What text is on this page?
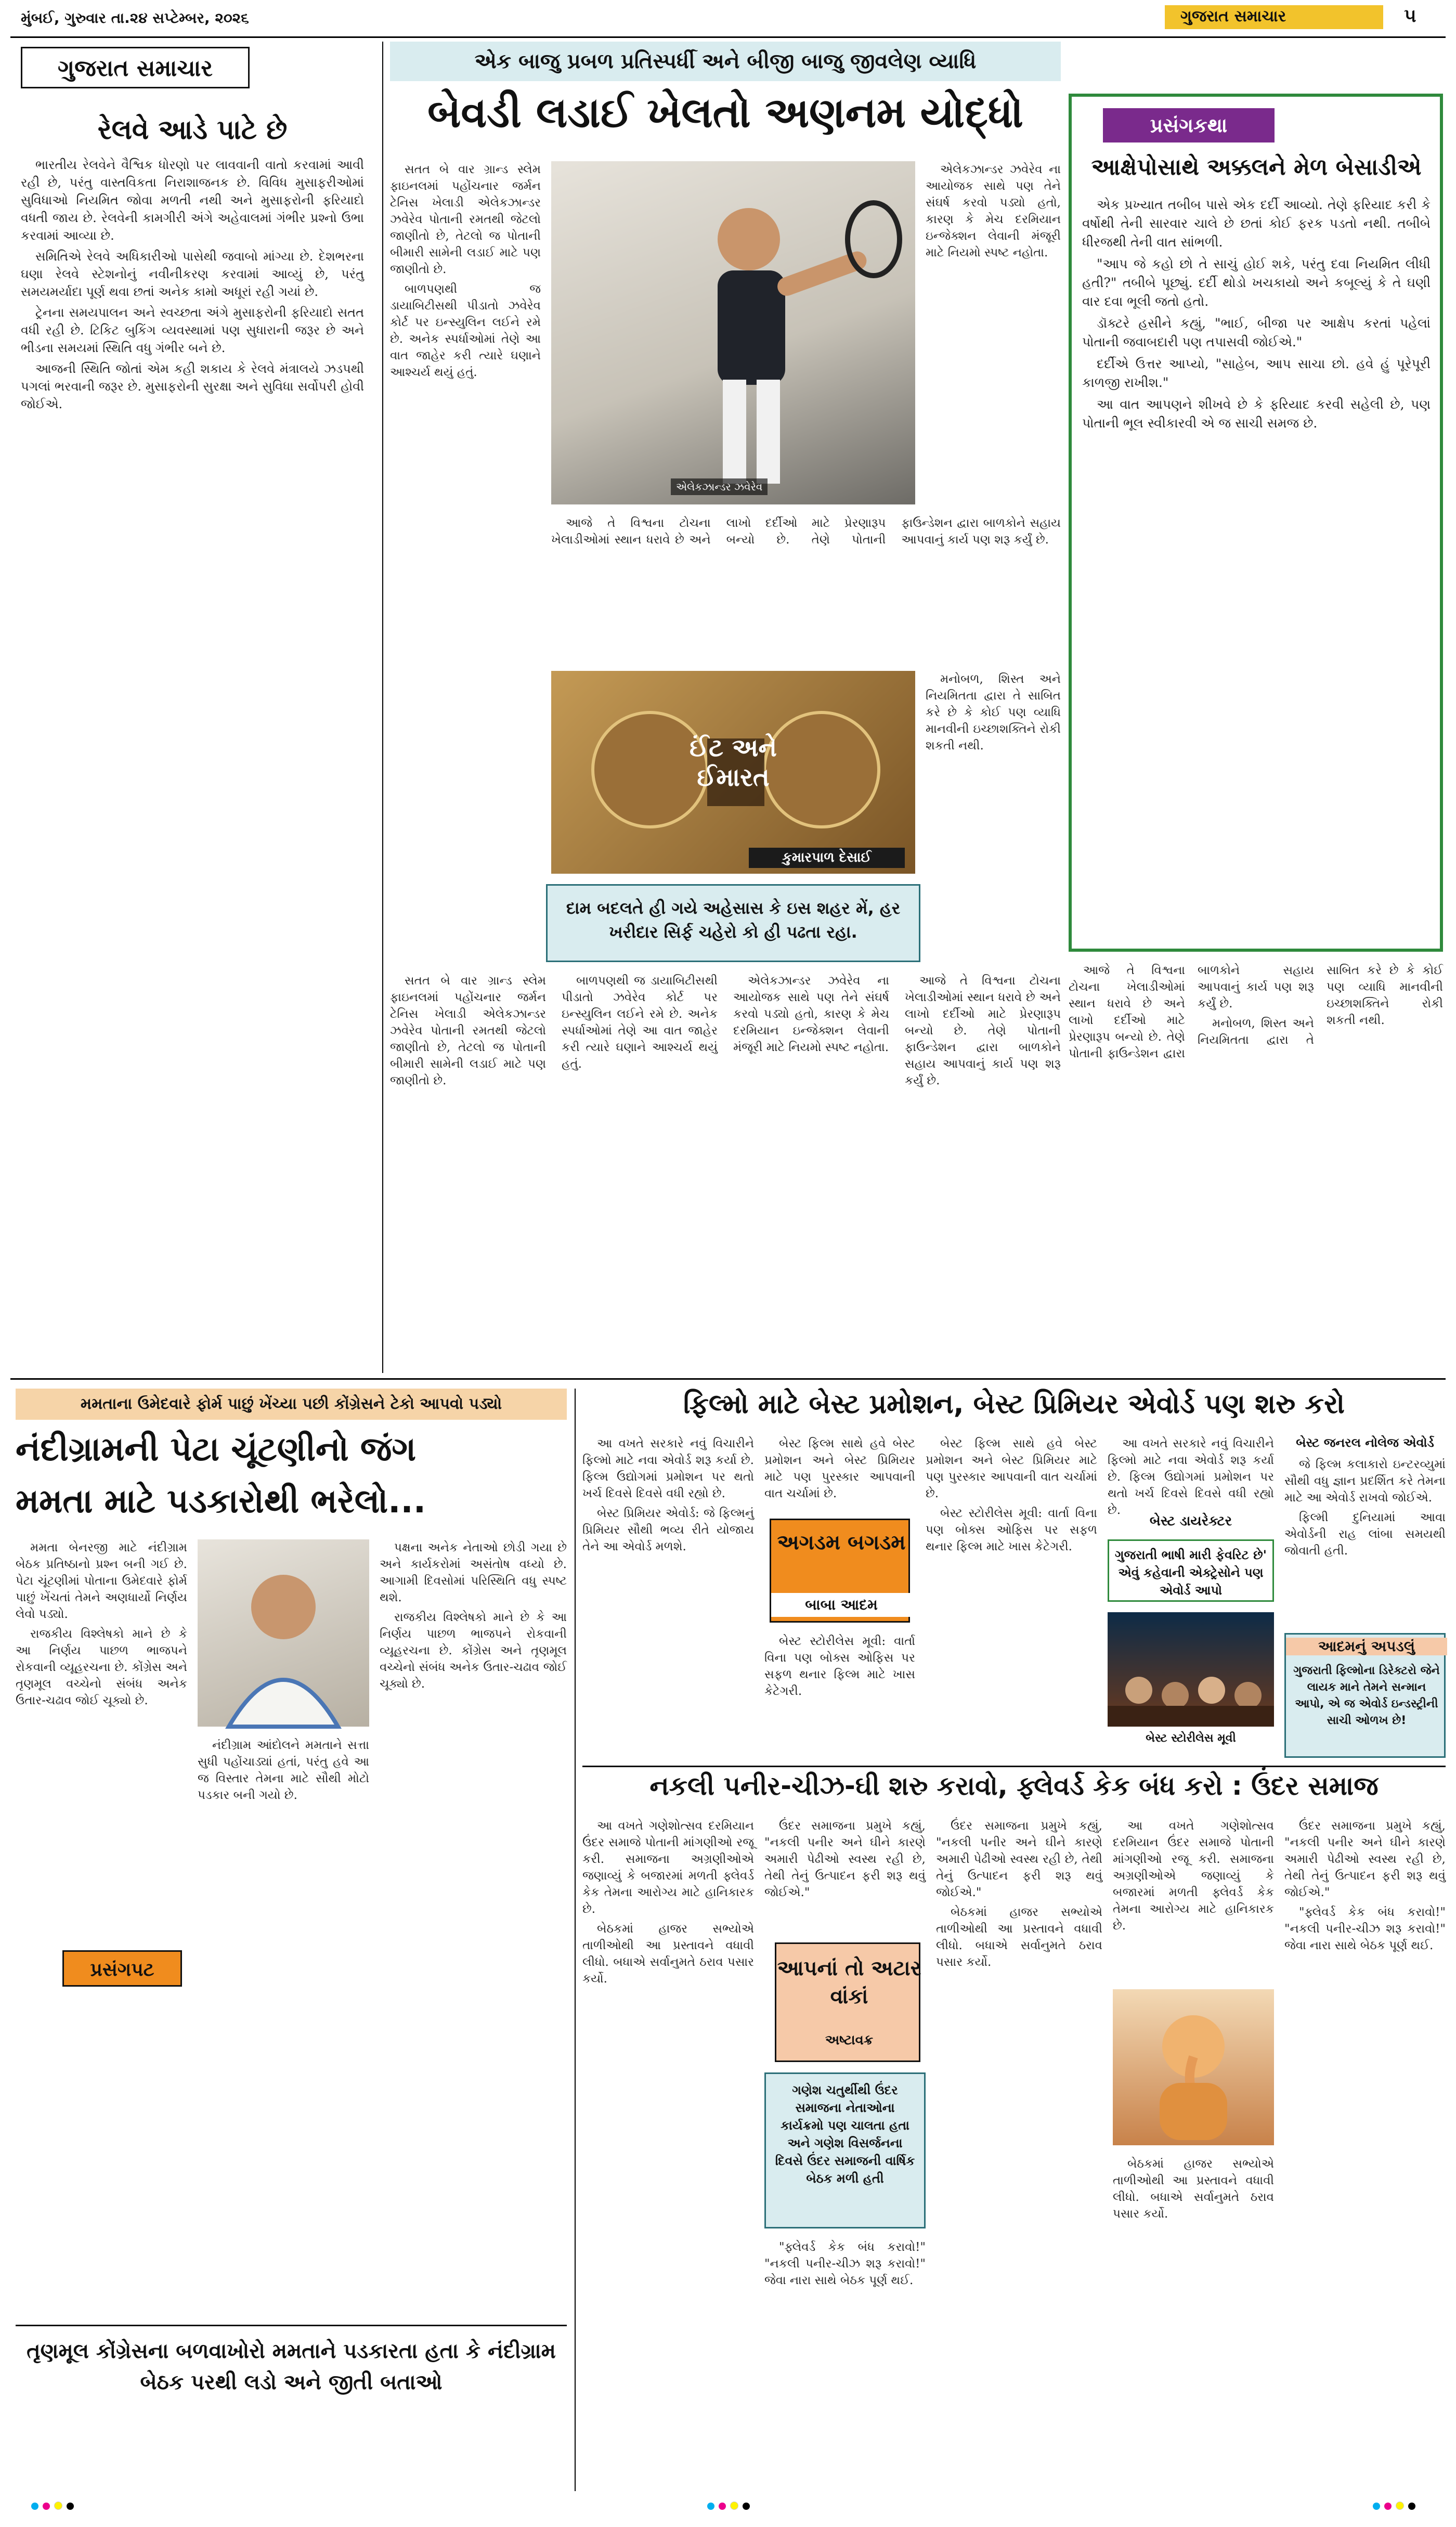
મુંબઈ, ગુરુવાર તા.૨૪ સપ્ટેમ્બર, ૨૦૨૬	ગુજરાત સમાચાર	૫
ગુજરાત સમાચાર
રેલવે આડે પાટે છે

ભારતીય રેલવેને વૈશ્વિક ધોરણો પર લાવવાની વાતો કરવામાં આવી રહી છે, પરંતુ વાસ્તવિકતા નિરાશાજનક છે. વિવિધ મુસાફરીઓમાં સુવિધાઓ નિયમિત જોવા મળતી નથી અને મુસાફરોની ફરિયાદો વધતી જાય છે. રેલવેની કામગીરી અંગે અહેવાલમાં ગંભીર પ્રશ્નો ઉભા કરવામાં આવ્યા છે.

સમિતિએ રેલવે અધિકારીઓ પાસેથી જવાબો માંગ્યા છે. દેશભરના ઘણા રેલવે સ્ટેશનોનું નવીનીકરણ કરવામાં આવ્યું છે, પરંતુ સમયમર્યાદા પૂર્ણ થવા છતાં અનેક કામો અધૂરાં રહી ગયાં છે.

ટ્રેનના સમયપાલન અને સ્વચ્છતા અંગે મુસાફરોની ફરિયાદો સતત વધી રહી છે. ટિકિટ બુકિંગ વ્યવસ્થામાં પણ સુધારાની જરૂર છે અને ભીડના સમયમાં સ્થિતિ વધુ ગંભીર બને છે.

આજની સ્થિતિ જોતાં એમ કહી શકાય કે રેલવે મંત્રાલયે ઝડપથી પગલાં ભરવાની જરૂર છે. મુસાફરોની સુરક્ષા અને સુવિધા સર્વોપરી હોવી જોઈએ.

એક બાજુ પ્રબળ પ્રતિસ્પર્ધી અને બીજી બાજુ જીવલેણ વ્યાધિ
બેવડી લડાઈ ખેલતો અણનમ યોદ્ધો

સતત બે વાર ગ્રાન્ડ સ્લેમ ફાઇનલમાં પહોંચનાર જર્મન ટેનિસ ખેલાડી એલેકઝાન્ડર ઝવેરેવ પોતાની રમતથી જેટલો જાણીતો છે, તેટલો જ પોતાની બીમારી સામેની લડાઈ માટે પણ જાણીતો છે.

બાળપણથી જ ડાયાબિટીસથી પીડાતો ઝવેરેવ કોર્ટ પર ઇન્સ્યુલિન લઈને રમે છે. અનેક સ્પર્ધાઓમાં તેણે આ વાત જાહેર કરી ત્યારે ઘણાને આશ્ચર્ય થયું હતું.

એલેકઝાન્ડર ઝવેરેવ

એલેકઝાન્ડર ઝવેરેવ ના આયોજક સાથે પણ તેને સંઘર્ષ કરવો પડ્યો હતો, કારણ કે મેચ દરમિયાન ઇન્જેક્શન લેવાની મંજૂરી માટે નિયમો સ્પષ્ટ નહોતા.

આજે તે વિશ્વના ટોચના ખેલાડીઓમાં સ્થાન ધરાવે છે અને લાખો દર્દીઓ માટે પ્રેરણારૂપ બન્યો છે. તેણે પોતાની ફાઉન્ડેશન દ્વારા બાળકોને સહાય આપવાનું કાર્ય પણ શરૂ કર્યું છે.

ઈંટ અને ઈમારત
કુમારપાળ દેસાઈ

મનોબળ, શિસ્ત અને નિયમિતતા દ્વારા તે સાબિત કરે છે કે કોઈ પણ વ્યાધિ માનવીની ઇચ્છાશક્તિને રોકી શકતી નથી.

દામ બદલતે હી ગયે અહેસાસ કે ઇસ શહર મેં, હર ખરીદાર સિર્ફ ચહેરો કો હી પઢતા રહા.

સતત બે વાર ગ્રાન્ડ સ્લેમ ફાઇનલમાં પહોંચનાર જર્મન ટેનિસ ખેલાડી એલેકઝાન્ડર ઝવેરેવ પોતાની રમતથી જેટલો જાણીતો છે, તેટલો જ પોતાની બીમારી સામેની લડાઈ માટે પણ જાણીતો છે.

બાળપણથી જ ડાયાબિટીસથી પીડાતો ઝવેરેવ કોર્ટ પર ઇન્સ્યુલિન લઈને રમે છે. અનેક સ્પર્ધાઓમાં તેણે આ વાત જાહેર કરી ત્યારે ઘણાને આશ્ચર્ય થયું હતું.

એલેકઝાન્ડર ઝવેરેવ ના આયોજક સાથે પણ તેને સંઘર્ષ કરવો પડ્યો હતો, કારણ કે મેચ દરમિયાન ઇન્જેક્શન લેવાની મંજૂરી માટે નિયમો સ્પષ્ટ નહોતા.

આજે તે વિશ્વના ટોચના ખેલાડીઓમાં સ્થાન ધરાવે છે અને લાખો દર્દીઓ માટે પ્રેરણારૂપ બન્યો છે. તેણે પોતાની ફાઉન્ડેશન દ્વારા બાળકોને સહાય આપવાનું કાર્ય પણ શરૂ કર્યું છે.

પ્રસંગકથા
આક્ષેપોસાથે અક્કલને મેળ બેસાડીએ

એક પ્રખ્યાત તબીબ પાસે એક દર્દી આવ્યો. તેણે ફરિયાદ કરી કે વર્ષોથી તેની સારવાર ચાલે છે છતાં કોઈ ફરક પડતો નથી. તબીબે ધીરજથી તેની વાત સાંભળી.

"આપ જે કહો છો તે સાચું હોઈ શકે, પરંતુ દવા નિયમિત લીધી હતી?" તબીબે પૂછ્યું. દર્દી થોડો ખચકાયો અને કબૂલ્યું કે તે ઘણી વાર દવા ભૂલી જતો હતો.

ડૉક્ટરે હસીને કહ્યું, "ભાઈ, બીજા પર આક્ષેપ કરતાં પહેલાં પોતાની જવાબદારી પણ તપાસવી જોઈએ."

દર્દીએ ઉત્તર આપ્યો, "સાહેબ, આપ સાચા છો. હવે હું પૂરેપૂરી કાળજી રાખીશ."

આ વાત આપણને શીખવે છે કે ફરિયાદ કરવી સહેલી છે, પણ પોતાની ભૂલ સ્વીકારવી એ જ સાચી સમજ છે.

આજે તે વિશ્વના ટોચના ખેલાડીઓમાં સ્થાન ધરાવે છે અને લાખો દર્દીઓ માટે પ્રેરણારૂપ બન્યો છે. તેણે પોતાની ફાઉન્ડેશન દ્વારા બાળકોને સહાય આપવાનું કાર્ય પણ શરૂ કર્યું છે.

મનોબળ, શિસ્ત અને નિયમિતતા દ્વારા તે સાબિત કરે છે કે કોઈ પણ વ્યાધિ માનવીની ઇચ્છાશક્તિને રોકી શકતી નથી.

મમતાના ઉમેદવારે ફોર્મ પાછું ખેંચ્યા પછી કોંગ્રેસને ટેકો આપવો પડ્યો
નંદીગ્રામની પેટા ચૂંટણીનો જંગ
મમતા માટે પડકારોથી ભરેલો...

મમતા બેનરજી માટે નંદીગ્રામ બેઠક પ્રતિષ્ઠાનો પ્રશ્ન બની ગઈ છે. પેટા ચૂંટણીમાં પોતાના ઉમેદવારે ફોર્મ પાછું ખેંચતાં તેમને અણધાર્યો નિર્ણય લેવો પડ્યો.

રાજકીય વિશ્લેષકો માને છે કે આ નિર્ણય પાછળ ભાજપને રોકવાની વ્યૂહરચના છે. કોંગ્રેસ અને તૃણમૂલ વચ્ચેનો સંબંધ અનેક ઉતાર-ચઢાવ જોઈ ચૂક્યો છે.

નંદીગ્રામ આંદોલને મમતાને સત્તા સુધી પહોંચાડ્યાં હતાં, પરંતુ હવે આ જ વિસ્તાર તેમના માટે સૌથી મોટો પડકાર બની ગયો છે.

પક્ષના અનેક નેતાઓ છોડી ગયા છે અને કાર્યકરોમાં અસંતોષ વધ્યો છે. આગામી દિવસોમાં પરિસ્થિતિ વધુ સ્પષ્ટ થશે.

રાજકીય વિશ્લેષકો માને છે કે આ નિર્ણય પાછળ ભાજપને રોકવાની વ્યૂહરચના છે. કોંગ્રેસ અને તૃણમૂલ વચ્ચેનો સંબંધ અનેક ઉતાર-ચઢાવ જોઈ ચૂક્યો છે.

પ્રસંગપટ
તૃણમૂલ કોંગ્રેસના બળવાખોરો મમતાને પડકારતા હતા કે નંદીગ્રામ બેઠક પરથી લડો અને જીતી બતાઓ
ફિલ્મો માટે બેસ્ટ પ્રમોશન, બેસ્ટ પ્રિમિયર એવોર્ડ પણ શરુ કરો

આ વખતે સરકારે નવું વિચારીને ફિલ્મો માટે નવા એવોર્ડ શરૂ કર્યા છે. ફિલ્મ ઉદ્યોગમાં પ્રમોશન પર થતો ખર્ચ દિવસે દિવસે વધી રહ્યો છે.

બેસ્ટ પ્રિમિયર એવોર્ડ: જે ફિલ્મનું પ્રિમિયર સૌથી ભવ્ય રીતે યોજાય તેને આ એવોર્ડ મળશે.

બેસ્ટ ફિલ્મ સાથે હવે બેસ્ટ પ્રમોશન અને બેસ્ટ પ્રિમિયર માટે પણ પુરસ્કાર આપવાની વાત ચર્ચામાં છે.

અગડમ બગડમ
બાબા આદમ

બેસ્ટ સ્ટોરીલેસ મૂવી: વાર્તા વિના પણ બોક્સ ઓફિસ પર સફળ થનાર ફિલ્મ માટે ખાસ કેટેગરી.

બેસ્ટ ફિલ્મ સાથે હવે બેસ્ટ પ્રમોશન અને બેસ્ટ પ્રિમિયર માટે પણ પુરસ્કાર આપવાની વાત ચર્ચામાં છે.

બેસ્ટ સ્ટોરીલેસ મૂવી: વાર્તા વિના પણ બોક્સ ઓફિસ પર સફળ થનાર ફિલ્મ માટે ખાસ કેટેગરી.

આ વખતે સરકારે નવું વિચારીને ફિલ્મો માટે નવા એવોર્ડ શરૂ કર્યા છે. ફિલ્મ ઉદ્યોગમાં પ્રમોશન પર થતો ખર્ચ દિવસે દિવસે વધી રહ્યો છે.

બેસ્ટ ડાયરેક્ટર
ગુજરાતી ભાષી મારી ફેવરિટ છે' એવું કહેવાની એક્ટ્રેસોને પણ એવોર્ડ આપો
બેસ્ટ સ્ટોરીલેસ મૂવી
બેસ્ટ જનરલ નોલેજ એવોર્ડ

જે ફિલ્મ કલાકારો ઇન્ટરવ્યુમાં સૌથી વધુ જ્ઞાન પ્રદર્શિત કરે તેમના માટે આ એવોર્ડ રાખવો જોઈએ.

ફિલ્મી દુનિયામાં આવા એવોર્ડની રાહ લાંબા સમયથી જોવાતી હતી.

આદમનું અપડલું
ગુજરાતી ફિલ્મોના ડિરેક્ટરો જેને લાયક માને તેમને સન્માન આપો, એ જ એવોર્ડ ઇન્ડસ્ટ્રીની સાચી ઓળખ છે!
નકલી પનીર-ચીઝ-ઘી શરુ કરાવો, ફ્લેવર્ડ કેક બંધ કરો : ઉંદર સમાજ

આ વખતે ગણેશોત્સવ દરમિયાન ઉંદર સમાજે પોતાની માંગણીઓ રજૂ કરી. સમાજના અગ્રણીઓએ જણાવ્યું કે બજારમાં મળતી ફ્લેવર્ડ કેક તેમના આરોગ્ય માટે હાનિકારક છે.

બેઠકમાં હાજર સભ્યોએ તાળીઓથી આ પ્રસ્તાવને વધાવી લીધો. બધાએ સર્વાનુમતે ઠરાવ પસાર કર્યો.

ઉંદર સમાજના પ્રમુખે કહ્યું, "નકલી પનીર અને ઘીને કારણે અમારી પેઢીઓ સ્વસ્થ રહી છે, તેથી તેનું ઉત્પાદન ફરી શરૂ થવું જોઈએ."

આપનાં તો અટાર વાંકાં
અષ્ટાવક્ર
ગણેશ ચતુર્થીથી ઉંદર સમાજના નેતાઓના કાર્યક્રમો પણ ચાલતા હતા અને ગણેશ વિસર્જનના દિવસે ઉંદર સમાજની વાર્ષિક બેઠક મળી હતી

"ફ્લેવર્ડ કેક બંધ કરાવો!" "નકલી પનીર-ચીઝ શરૂ કરાવો!" જેવા નારા સાથે બેઠક પૂર્ણ થઈ.

ઉંદર સમાજના પ્રમુખે કહ્યું, "નકલી પનીર અને ઘીને કારણે અમારી પેઢીઓ સ્વસ્થ રહી છે, તેથી તેનું ઉત્પાદન ફરી શરૂ થવું જોઈએ."

બેઠકમાં હાજર સભ્યોએ તાળીઓથી આ પ્રસ્તાવને વધાવી લીધો. બધાએ સર્વાનુમતે ઠરાવ પસાર કર્યો.

આ વખતે ગણેશોત્સવ દરમિયાન ઉંદર સમાજે પોતાની માંગણીઓ રજૂ કરી. સમાજના અગ્રણીઓએ જણાવ્યું કે બજારમાં મળતી ફ્લેવર્ડ કેક તેમના આરોગ્ય માટે હાનિકારક છે.

બેઠકમાં હાજર સભ્યોએ તાળીઓથી આ પ્રસ્તાવને વધાવી લીધો. બધાએ સર્વાનુમતે ઠરાવ પસાર કર્યો.

ઉંદર સમાજના પ્રમુખે કહ્યું, "નકલી પનીર અને ઘીને કારણે અમારી પેઢીઓ સ્વસ્થ રહી છે, તેથી તેનું ઉત્પાદન ફરી શરૂ થવું જોઈએ."

"ફ્લેવર્ડ કેક બંધ કરાવો!" "નકલી પનીર-ચીઝ શરૂ કરાવો!" જેવા નારા સાથે બેઠક પૂર્ણ થઈ.
